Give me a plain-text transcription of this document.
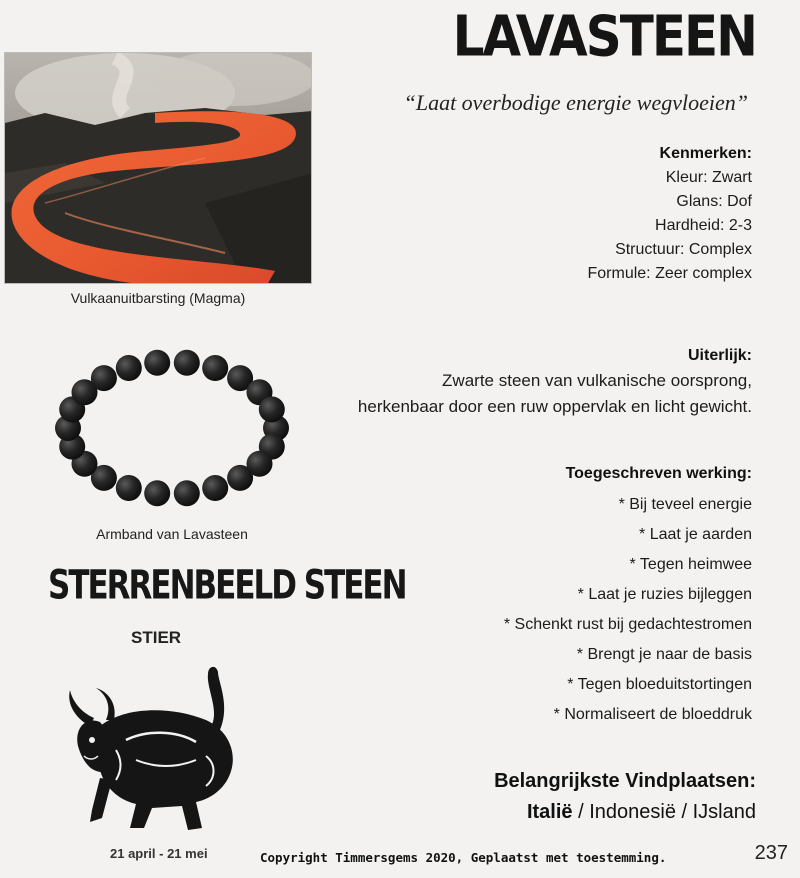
LAVASTEEN
“Laat overbodige energie wegvloeien”
Vulkaanuitbarsting (Magma)
Kenmerken:
Kleur: Zwart
Glans: Dof
Hardheid: 2-3
Structuur: Complex
Formule: Zeer complex
Uiterlijk:
Zwarte steen van vulkanische oorsprong,
herkenbaar door een ruw oppervlak en licht gewicht.
Toegeschreven werking:
* Bij teveel energie
* Laat je aarden
* Tegen heimwee
* Laat je ruzies bijleggen
* Schenkt rust bij gedachtestromen
* Brengt je naar de basis
* Tegen bloeduitstortingen
* Normaliseert de bloeddruk
Belangrijkste Vindplaatsen:
Italië / Indonesië / IJsland
Armband van Lavasteen
STERRENBEELD STEEN
STIER
21 april - 21 mei	Copyright Timmersgems 2020, Geplaatst met toestemming.	237
